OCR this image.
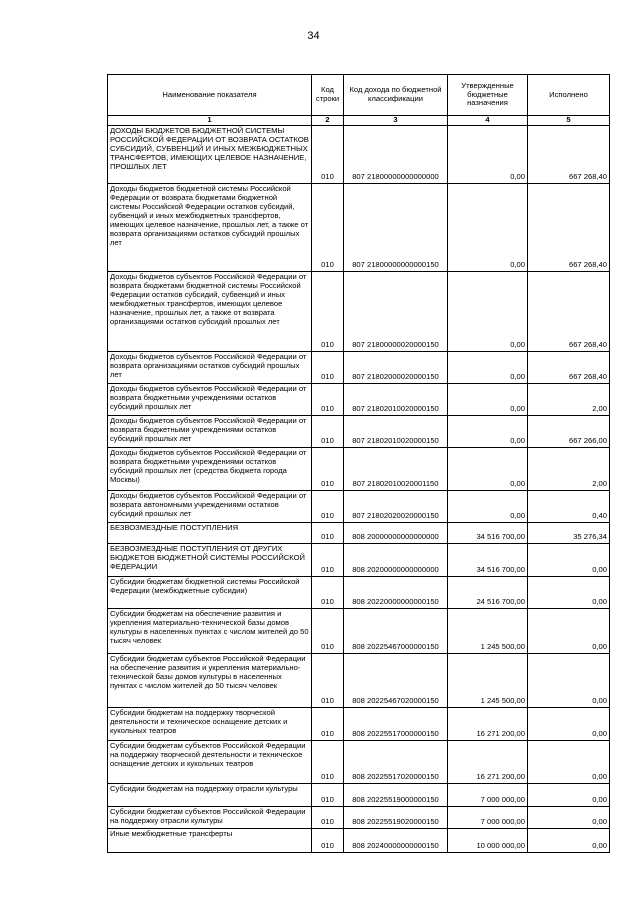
34
Наименование показателя	Код строки	Код дохода по бюджетной классификации	Утвержденные бюджетные назначения	Исполнено
1	2	3	4	5
ДОХОДЫ БЮДЖЕТОВ БЮДЖЕТНОЙ СИСТЕМЫ РОССИЙСКОЙ ФЕДЕРАЦИИ ОТ ВОЗВРАТА ОСТАТКОВ СУБСИДИЙ, СУБВЕНЦИЙ И ИНЫХ МЕЖБЮДЖЕТНЫХ ТРАНСФЕРТОВ, ИМЕЮЩИХ ЦЕЛЕВОЕ НАЗНАЧЕНИЕ, ПРОШЛЫХ ЛЕТ	010	807 21800000000000000	0,00	667 268,40
Доходы бюджетов бюджетной системы Российской Федерации от возврата бюджетами бюджетной системы Российской Федерации остатков субсидий, субвенций и иных межбюджетных трансфертов, имеющих целевое назначение, прошлых лет, а также от возврата организациями остатков субсидий прошлых лет	010	807 21800000000000150	0,00	667 268,40
Доходы бюджетов субъектов Российской Федерации от возврата бюджетами бюджетной системы Российской Федерации остатков субсидий, субвенций и иных межбюджетных трансфертов, имеющих целевое назначение, прошлых лет, а также от возврата организациями остатков субсидий прошлых лет	010	807 21800000020000150	0,00	667 268,40
Доходы бюджетов субъектов Российской Федерации от возврата организациями остатков субсидий прошлых лет	010	807 21802000020000150	0,00	667 268,40
Доходы бюджетов субъектов Российской Федерации от возврата бюджетными учреждениями остатков субсидий прошлых лет	010	807 21802010020000150	0,00	2,00
Доходы бюджетов субъектов Российской Федерации от возврата бюджетными учреждениями остатков субсидий прошлых лет	010	807 21802010020000150	0,00	667 266,00
Доходы бюджетов субъектов Российской Федерации от возврата бюджетными учреждениями остатков субсидий прошлых лет (средства бюджета города Москвы)	010	807 21802010020001150	0,00	2,00
Доходы бюджетов субъектов Российской Федерации от возврата автономными учреждениями остатков субсидий прошлых лет	010	807 21802020020000150	0,00	0,40
БЕЗВОЗМЕЗДНЫЕ ПОСТУПЛЕНИЯ	010	808 20000000000000000	34 516 700,00	35 276,34
БЕЗВОЗМЕЗДНЫЕ ПОСТУПЛЕНИЯ ОТ ДРУГИХ БЮДЖЕТОВ БЮДЖЕТНОЙ СИСТЕМЫ РОССИЙСКОЙ ФЕДЕРАЦИИ	010	808 20200000000000000	34 516 700,00	0,00
Субсидии бюджетам бюджетной системы Российской Федерации (межбюджетные субсидии)	010	808 20220000000000150	24 516 700,00	0,00
Субсидии бюджетам на обеспечение развития и укрепления материально-технической базы домов культуры в населенных пунктах с числом жителей до 50 тысяч человек	010	808 20225467000000150	1 245 500,00	0,00
Субсидии бюджетам субъектов Российской Федерации на обеспечение развития и укрепления материально-технической базы домов культуры в населенных пунктах с числом жителей до 50 тысяч человек	010	808 20225467020000150	1 245 500,00	0,00
Субсидии бюджетам на поддержку творческой деятельности и техническое оснащение детских и кукольных театров	010	808 20225517000000150	16 271 200,00	0,00
Субсидии бюджетам субъектов Российской Федерации на поддержку творческой деятельности и техническое оснащение детских и кукольных театров	010	808 20225517020000150	16 271 200,00	0,00
Субсидии бюджетам на поддержку отрасли культуры	010	808 20225519000000150	7 000 000,00	0,00
Субсидии бюджетам субъектов Российской Федерации на поддержку отрасли культуры	010	808 20225519020000150	7 000 000,00	0,00
Иные межбюджетные трансферты	010	808 20240000000000150	10 000 000,00	0,00
